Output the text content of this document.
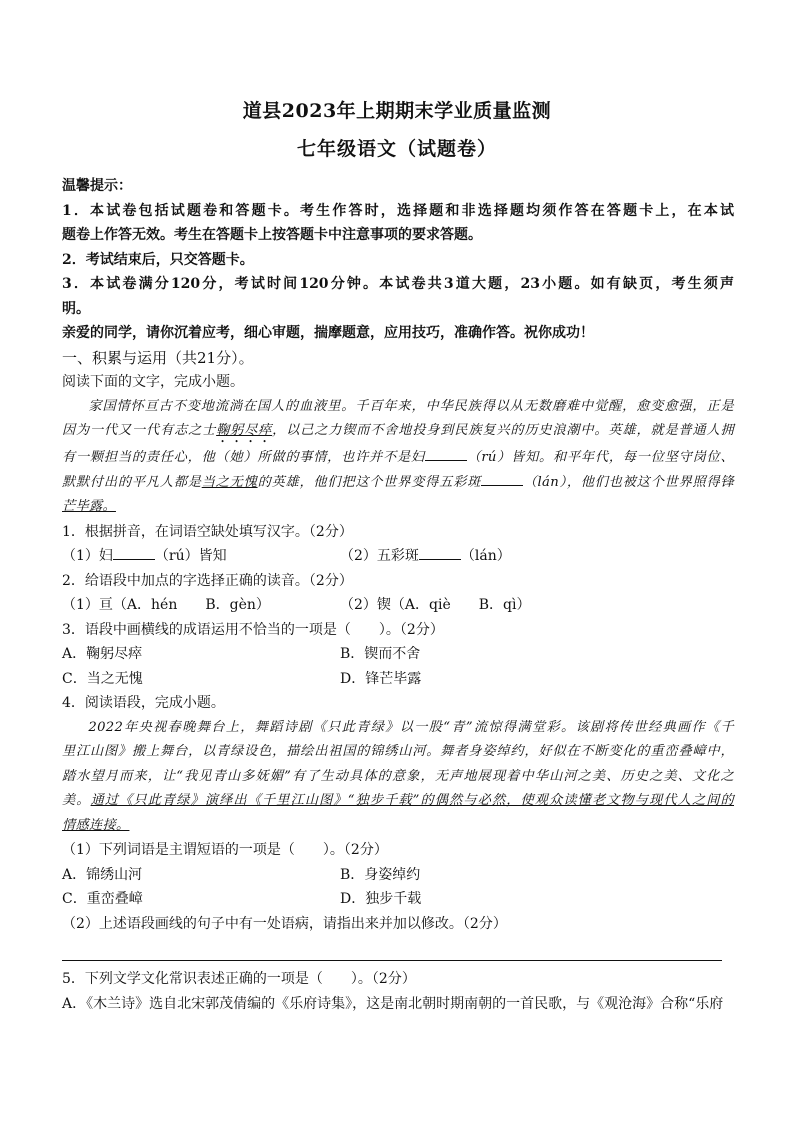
道县2023年上期期末学业质量监测
七年级语文（试题卷）
温馨提示：
1．本试卷包括试题卷和答题卡。考生作答时，选择题和非选择题均须作答在答题卡上，在本试
题卷上作答无效。考生在答题卡上按答题卡中注意事项的要求答题。
2．考试结束后，只交答题卡。
3．本试卷满分120分，考试时间120分钟。本试卷共3道大题，23小题。如有缺页，考生须声
明。
亲爱的同学，请你沉着应考，细心审题，揣摩题意，应用技巧，准确作答。祝你成功！
一、积累与运用（共21分）。
阅读下面的文字，完成小题。
家国情怀亘古不变地流淌在国人的血液里。千百年来，中华民族得以从无数磨难中觉醒，愈变愈强，正是
因为一代又一代有志之士鞠躬尽瘁，以己之力锲而不舍地投身到民族复兴的历史浪潮中。英雄，就是普通人拥
有一颗担当的责任心，他（她）所做的事情，也许并不是妇	（rú）皆知。和平年代，每一位坚守岗位、
默默付出的平凡人都是当之无愧的英雄，他们把这个世界变得五彩斑	（lán），他们也被这个世界照得锋
芒毕露。
1．根据拼音，在词语空缺处填写汉字。（2分）
（1）妇	（rú）皆知	（2）五彩斑	（lán）
2．给语段中加点的字选择正确的读音。（2分）
（1）亘（A．hén　　B．gèn）	（2）锲（A．qiè　　B．qì）
3．语段中画横线的成语运用不恰当的一项是（　　）。（2分）
A．鞠躬尽瘁	B．锲而不舍
C．当之无愧	D．锋芒毕露
4．阅读语段，完成小题。
2022年央视春晚舞台上，舞蹈诗剧《只此青绿》以一股“青”流惊得满堂彩。该剧将传世经典画作《千
里江山图》搬上舞台，以青绿设色，描绘出祖国的锦绣山河。舞者身姿绰约，好似在不断变化的重峦叠嶂中，
踏水望月而来，让“我见青山多妩媚”有了生动具体的意象，无声地展现着中华山河之美、历史之美、文化之
美。通过《只此青绿》演绎出《千里江山图》“独步千载”的偶然与必然，使观众读懂老文物与现代人之间的
情感连接。
（1）下列词语是主谓短语的一项是（　　）。（2分）
A．锦绣山河	B．身姿绰约
C．重峦叠嶂	D．独步千载
（2）上述语段画线的句子中有一处语病，请指出来并加以修改。（2分）
5．下列文学文化常识表述正确的一项是（　　）。（2分）
A．《木兰诗》选自北宋郭茂倩编的《乐府诗集》，这是南北朝时期南朝的一首民歌，与《观沧海》合称“乐府
